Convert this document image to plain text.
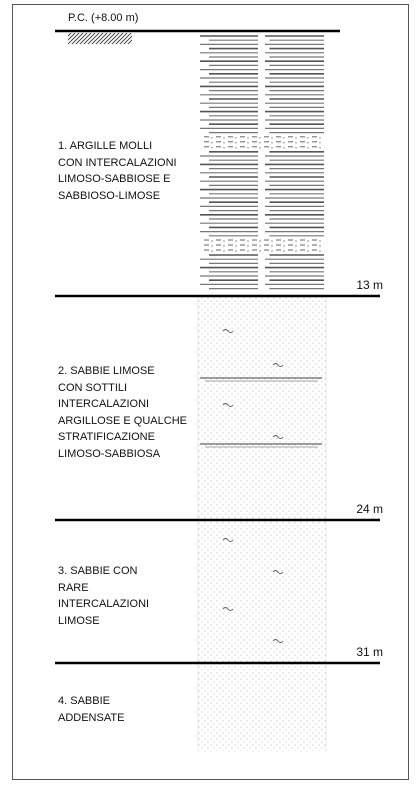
P.C. (+8.00 m)
1. ARGILLE MOLLI
CON INTERCALAZIONI
LIMOSO-SABBIOSE E
SABBIOSO-LIMOSE
2. SABBIE LIMOSE
CON SOTTILI
INTERCALAZIONI
ARGILLOSE E QUALCHE
STRATIFICAZIONE
LIMOSO-SABBIOSA
3. SABBIE CON
RARE
INTERCALAZIONI
LIMOSE
4. SABBIE
ADDENSATE
13 m
24 m
31 m
